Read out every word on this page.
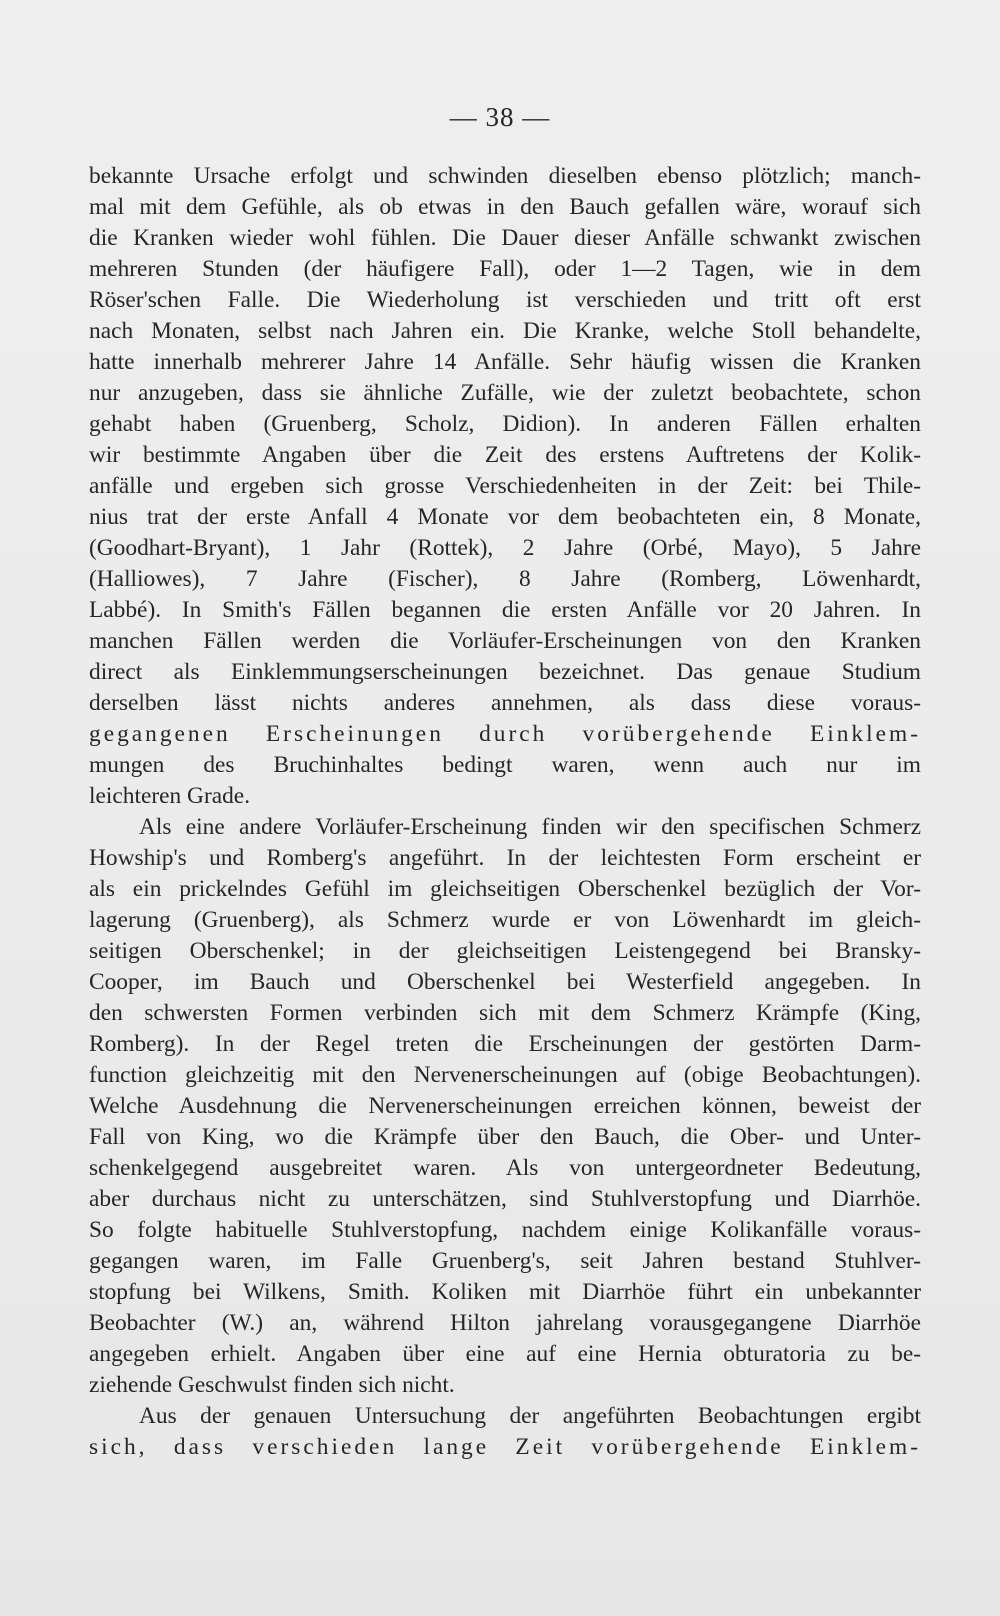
— 38 —
bekannte Ursache erfolgt und schwinden dieselben ebenso plötzlich; manch-
mal mit dem Gefühle, als ob etwas in den Bauch gefallen wäre, worauf sich
die Kranken wieder wohl fühlen. Die Dauer dieser Anfälle schwankt zwischen
mehreren Stunden (der häufigere Fall), oder 1—2 Tagen, wie in dem
Röser'schen Falle. Die Wiederholung ist verschieden und tritt oft erst
nach Monaten, selbst nach Jahren ein. Die Kranke, welche Stoll behandelte,
hatte innerhalb mehrerer Jahre 14 Anfälle. Sehr häufig wissen die Kranken
nur anzugeben, dass sie ähnliche Zufälle, wie der zuletzt beobachtete, schon
gehabt haben (Gruenberg, Scholz, Didion). In anderen Fällen erhalten
wir bestimmte Angaben über die Zeit des erstens Auftretens der Kolik-
anfälle und ergeben sich grosse Verschiedenheiten in der Zeit: bei Thile-
nius trat der erste Anfall 4 Monate vor dem beobachteten ein, 8 Monate,
(Goodhart-Bryant), 1 Jahr (Rottek), 2 Jahre (Orbé, Mayo), 5 Jahre
(Halliowes), 7 Jahre (Fischer), 8 Jahre (Romberg, Löwenhardt,
Labbé). In Smith's Fällen begannen die ersten Anfälle vor 20 Jahren. In
manchen Fällen werden die Vorläufer-Erscheinungen von den Kranken
direct als Einklemmungserscheinungen bezeichnet. Das genaue Studium
derselben lässt nichts anderes annehmen, als dass diese voraus-
gegangenen Erscheinungen durch vorübergehende Einklem-
mungen des Bruchinhaltes bedingt waren, wenn auch nur im
leichteren Grade.
Als eine andere Vorläufer-Erscheinung finden wir den specifischen Schmerz
Howship's und Romberg's angeführt. In der leichtesten Form erscheint er
als ein prickelndes Gefühl im gleichseitigen Oberschenkel bezüglich der Vor-
lagerung (Gruenberg), als Schmerz wurde er von Löwenhardt im gleich-
seitigen Oberschenkel; in der gleichseitigen Leistengegend bei Bransky-
Cooper, im Bauch und Oberschenkel bei Westerfield angegeben. In
den schwersten Formen verbinden sich mit dem Schmerz Krämpfe (King,
Romberg). In der Regel treten die Erscheinungen der gestörten Darm-
function gleichzeitig mit den Nervenerscheinungen auf (obige Beobachtungen).
Welche Ausdehnung die Nervenerscheinungen erreichen können, beweist der
Fall von King, wo die Krämpfe über den Bauch, die Ober- und Unter-
schenkelgegend ausgebreitet waren. Als von untergeordneter Bedeutung,
aber durchaus nicht zu unterschätzen, sind Stuhlverstopfung und Diarrhöe.
So folgte habituelle Stuhlverstopfung, nachdem einige Kolikanfälle voraus-
gegangen waren, im Falle Gruenberg's, seit Jahren bestand Stuhlver-
stopfung bei Wilkens, Smith. Koliken mit Diarrhöe führt ein unbekannter
Beobachter (W.) an, während Hilton jahrelang vorausgegangene Diarrhöe
angegeben erhielt. Angaben über eine auf eine Hernia obturatoria zu be-
ziehende Geschwulst finden sich nicht.
Aus der genauen Untersuchung der angeführten Beobachtungen ergibt
sich, dass verschieden lange Zeit vorübergehende Einklem-
